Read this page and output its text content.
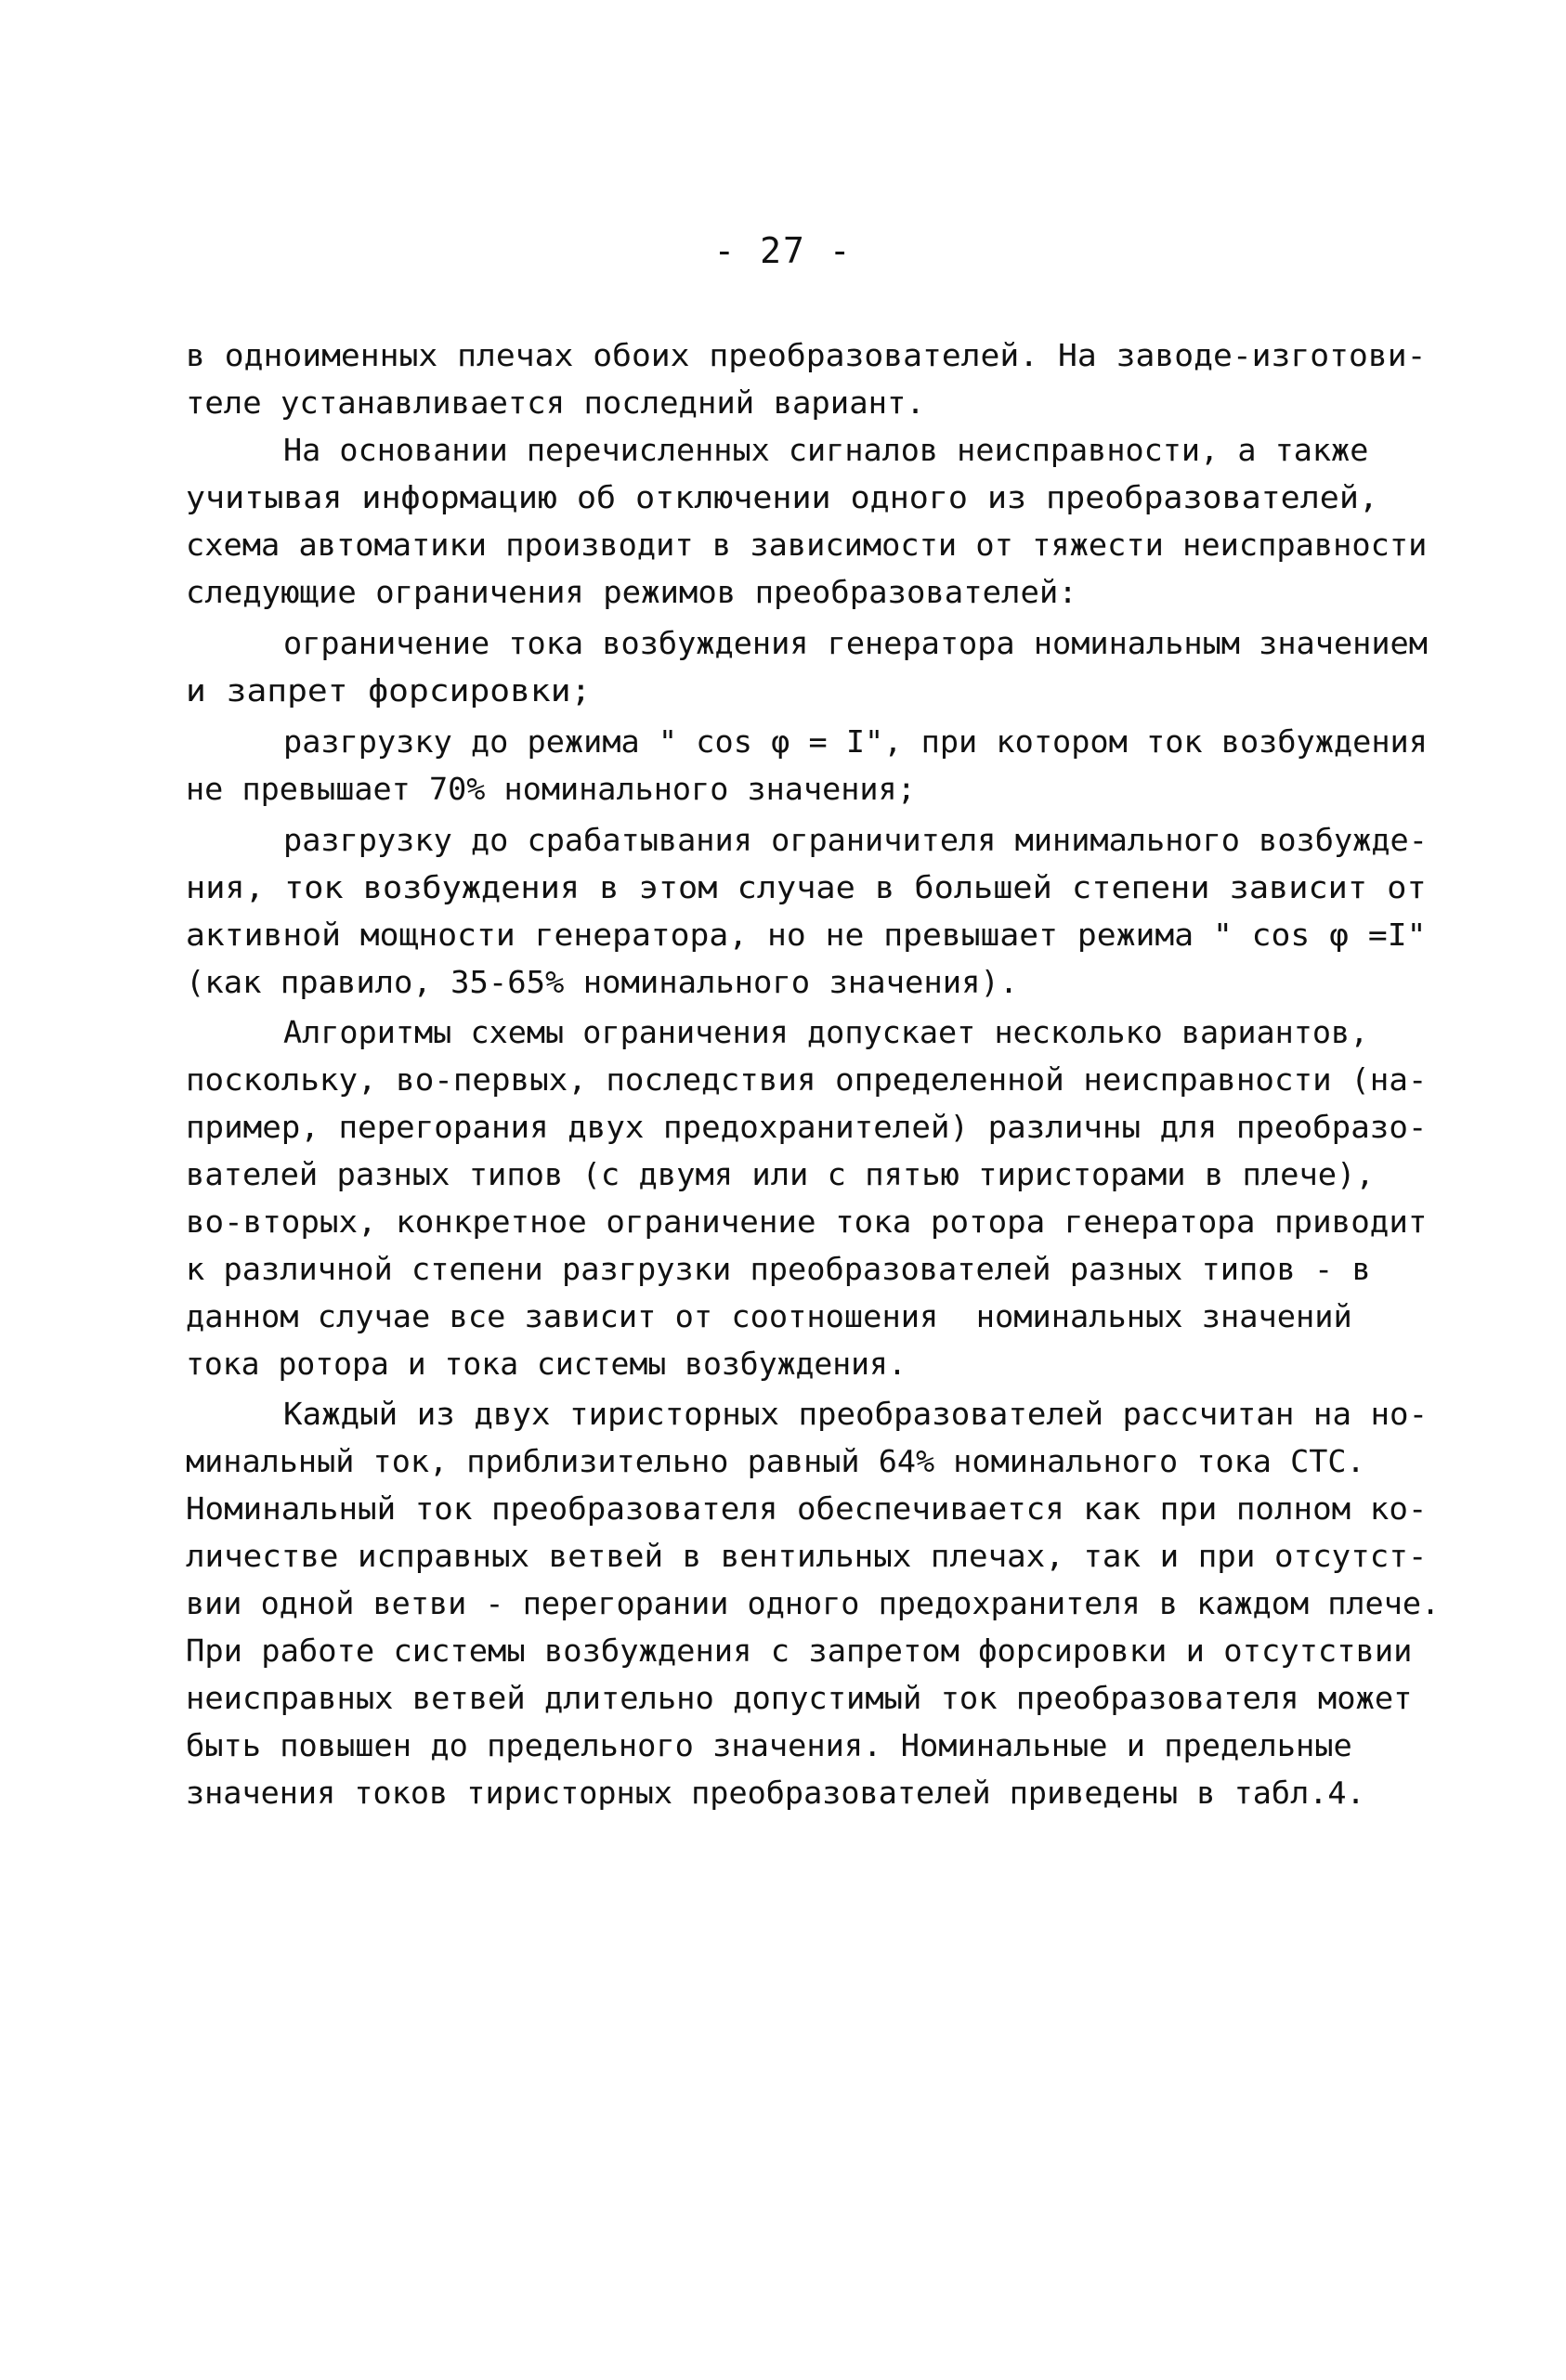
- 27 -
в одноименных плечах обоих преобразователей. На заводе-изготови-
теле устанавливается последний вариант.
На основании перечисленных сигналов неисправности, а также
учитывая информацию об отключении одного из преобразователей,
схема автоматики производит в зависимости от тяжести неисправности
следующие ограничения режимов преобразователей:
ограничение тока возбуждения генератора номинальным значением
и запрет форсировки;
разгрузку до режима " cos φ = I", при котором ток возбуждения
не превышает 70% номинального значения;
разгрузку до срабатывания ограничителя минимального возбужде-
ния, ток возбуждения в этом случае в большей степени зависит от
активной мощности генератора, но не превышает режима " cos φ =I"
(как правило, 35-65% номинального значения).
Алгоритмы схемы ограничения допускает несколько вариантов,
поскольку, во-первых, последствия определенной неисправности (на-
пример, перегорания двух предохранителей) различны для преобразо-
вателей разных типов (с двумя или с пятью тиристорами в плече),
во-вторых, конкретное ограничение тока ротора генератора приводит
к различной степени разгрузки преобразователей разных типов - в
данном случае все зависит от соотношения  номинальных значений
тока ротора и тока системы возбуждения.
Каждый из двух тиристорных преобразователей рассчитан на но-
минальный ток, приблизительно равный 64% номинального тока СТС.
Номинальный ток преобразователя обеспечивается как при полном ко-
личестве исправных ветвей в вентильных плечах, так и при отсутст-
вии одной ветви - перегорании одного предохранителя в каждом плече.
При работе системы возбуждения с запретом форсировки и отсутствии
неисправных ветвей длительно допустимый ток преобразователя может
быть повышен до предельного значения. Номинальные и предельные
значения токов тиристорных преобразователей приведены в табл.4.
